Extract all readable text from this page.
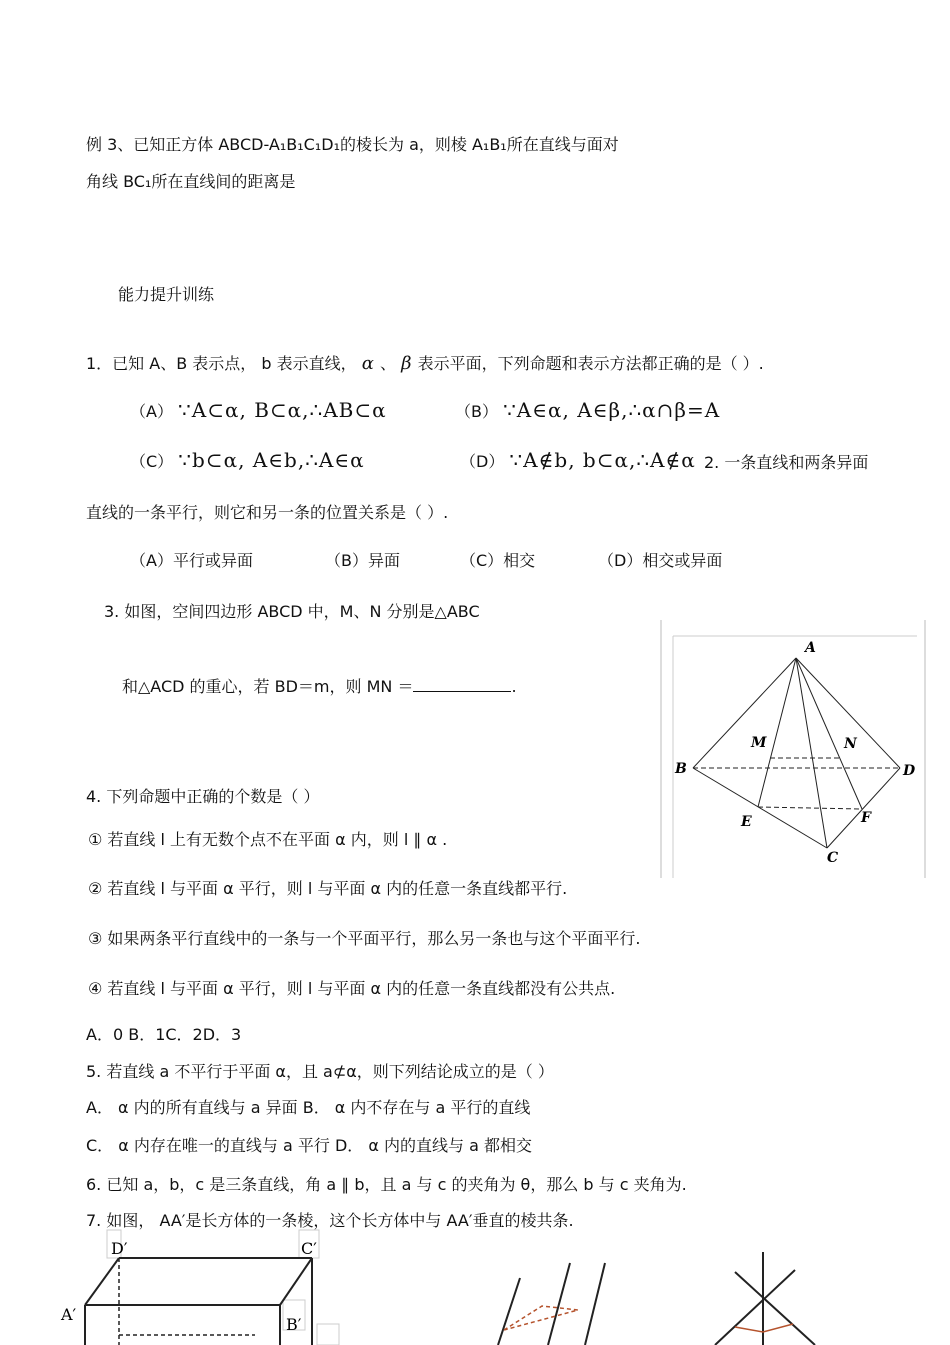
例 3、已知正方体 ABCD-A₁B₁C₁D₁的棱长为 a，则棱 A₁B₁所在直线与面对
角线 BC₁所在直线间的距离是
能力提升训练
1．已知 A、B 表示点， b 表示直线， α 、 β 表示平面，下列命题和表示方法都正确的是（ ）.
（A） ∵A⊂α, B⊂α,∴AB⊂α	（B） ∵A∈α, A∈β,∴α∩β=A
（C） ∵b⊂α, A∈b,∴A∈α	（D） ∵A∉b, b⊂α,∴A∉α 2. 一条直线和两条异面
直线的一条平行，则它和另一条的位置关系是（ ）.
（A）平行或异面	（B）异面	（C）相交	（D）相交或异面
3. 如图，空间四边形 ABCD 中，M、N 分别是△ABC
和△ACD 的重心，若 BD＝m，则 MN ＝	.
A
B	D
C
E	F
M	N
4. 下列命题中正确的个数是（ ）
① 若直线 l 上有无数个点不在平面 α 内，则 l ∥ α .
② 若直线 l 与平面 α 平行，则 l 与平面 α 内的任意一条直线都平行.
③ 如果两条平行直线中的一条与一个平面平行，那么另一条也与这个平面平行.
④ 若直线 l 与平面 α 平行，则 l 与平面 α 内的任意一条直线都没有公共点.
A．0 B．1C．2D．3
5. 若直线 a 不平行于平面 α，且 a⊄α，则下列结论成立的是（ ）
A． α 内的所有直线与 a 异面 B． α 内不存在与 a 平行的直线
C． α 内存在唯一的直线与 a 平行 D． α 内的直线与 a 都相交
6. 已知 a，b，c 是三条直线，角 a ∥ b，且 a 与 c 的夹角为 θ，那么 b 与 c 夹角为.
7. 如图， AA′是长方体的一条棱，这个长方体中与 AA′垂直的棱共条.
D′	C′
A′
B′
